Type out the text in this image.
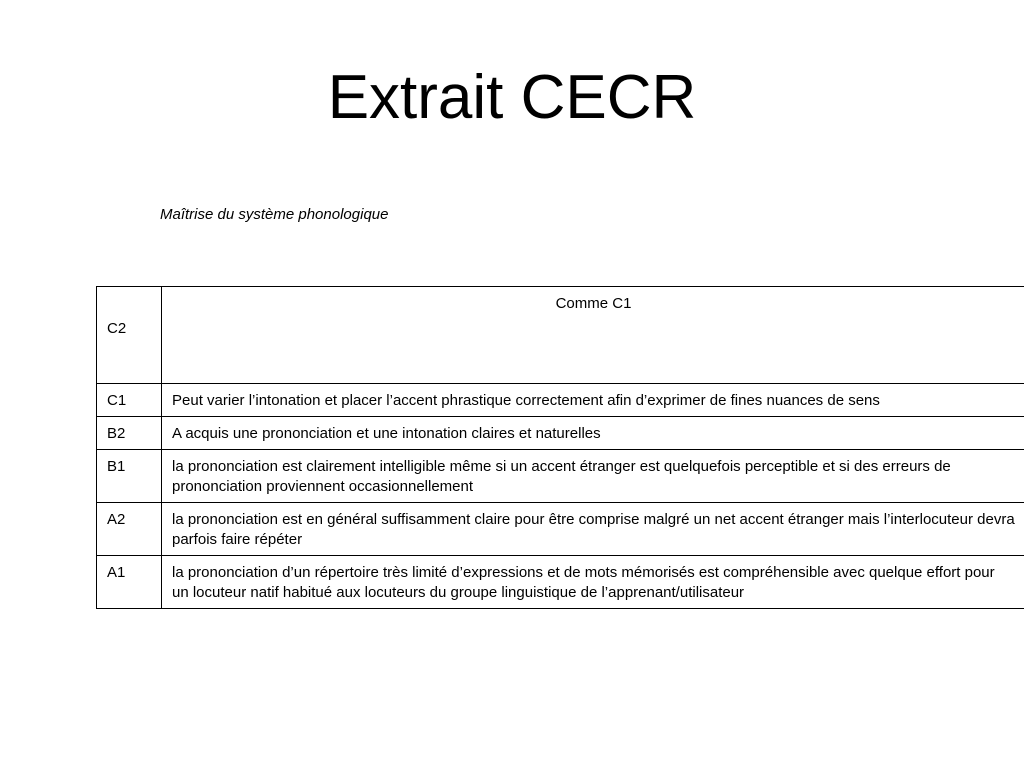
Extrait CECR
Maîtrise du système phonologique
C2	Comme C1
C1	Peut varier l’intonation et placer l’accent phrastique correctement afin d’exprimer de fines nuances de sens
B2	A acquis une prononciation et une intonation claires et naturelles
B1	la prononciation est clairement intelligible même si un accent étranger est quelquefois perceptible et si des erreurs de prononciation proviennent occasionnellement
A2	la prononciation est en général suffisamment claire pour être comprise malgré un net accent étranger mais l’interlocuteur devra parfois faire répéter
A1	la prononciation d’un répertoire très limité d’expressions et de mots mémorisés est compréhensible avec quelque effort pour un locuteur natif habitué aux locuteurs du groupe linguistique de l’apprenant/utilisateur
